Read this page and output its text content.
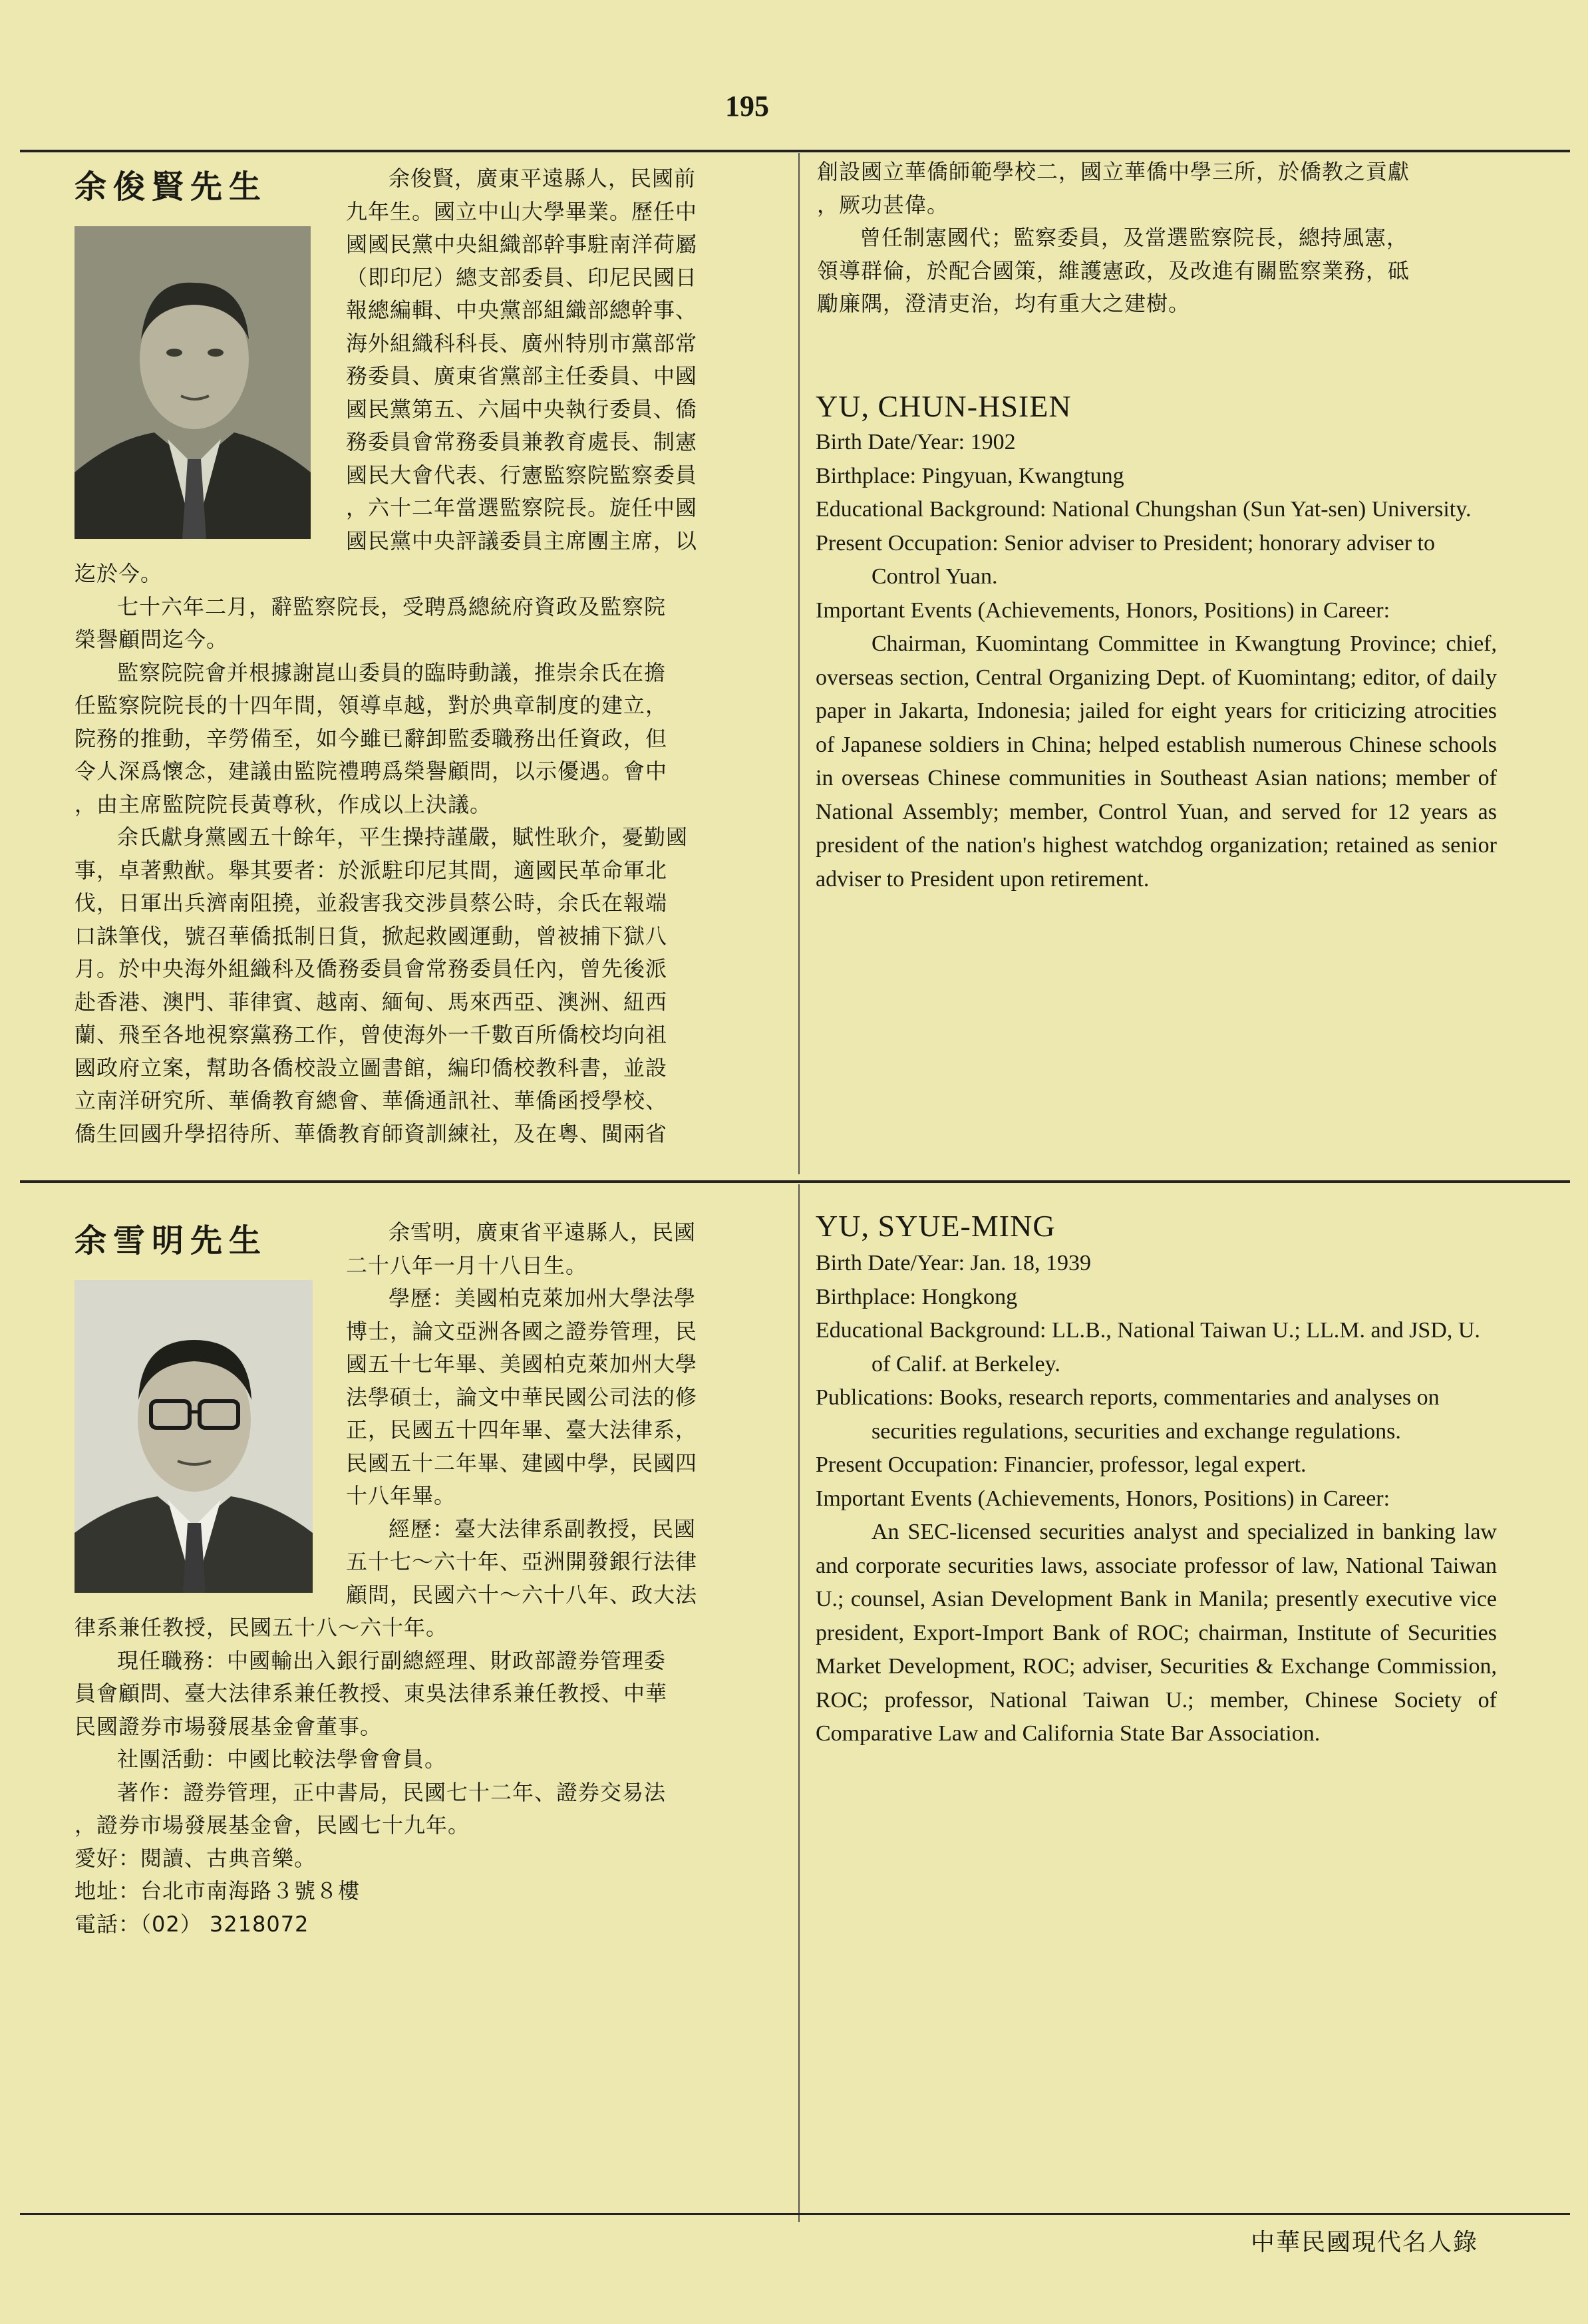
195
余俊賢先生	余俊賢，廣東平遠縣人，民國前

九年生。國立中山大學畢業。歷任中

國國民黨中央組織部幹事駐南洋荷屬

（即印尼）總支部委員、印尼民國日

報總編輯、中央黨部組織部總幹事、

海外組織科科長、廣州特別市黨部常

務委員、廣東省黨部主任委員、中國

國民黨第五、六屆中央執行委員、僑

務委員會常務委員兼教育處長、制憲

國民大會代表、行憲監察院監察委員

，六十二年當選監察院長。旋任中國

國民黨中央評議委員主席團主席，以

迄於今。

七十六年二月，辭監察院長，受聘爲總統府資政及監察院

榮譽顧問迄今。

監察院院會并根據謝崑山委員的臨時動議，推崇余氏在擔

任監察院院長的十四年間，領導卓越，對於典章制度的建立，

院務的推動，辛勞備至，如今雖已辭卸監委職務出任資政，但

令人深爲懷念，建議由監院禮聘爲榮譽顧問，以示優遇。會中

，由主席監院院長黃尊秋，作成以上決議。

余氏獻身黨國五十餘年，平生操持謹嚴，賦性耿介，憂勤國

事，卓著勲猷。舉其要者：於派駐印尼其間，適國民革命軍北

伐，日軍出兵濟南阻撓，並殺害我交涉員蔡公時，余氏在報端

口誅筆伐，號召華僑抵制日貨，掀起救國運動，曾被捕下獄八

月。於中央海外組織科及僑務委員會常務委員任內，曾先後派

赴香港、澳門、菲律賓、越南、緬甸、馬來西亞、澳洲、紐西

蘭、飛至各地視察黨務工作，曾使海外一千數百所僑校均向祖

國政府立案，幫助各僑校設立圖書館，編印僑校教科書，並設

立南洋研究所、華僑教育總會、華僑通訊社、華僑函授學校、

僑生回國升學招待所、華僑教育師資訓練社，及在粵、閩兩省

創設國立華僑師範學校二，國立華僑中學三所，於僑教之貢獻

，厥功甚偉。

曾任制憲國代；監察委員，及當選監察院長，總持風憲，

領導群倫，於配合國策，維護憲政，及改進有關監察業務，砥

勵廉隅，澄清吏治，均有重大之建樹。

YU, CHUN-HSIEN

Birth Date/Year: 1902

Birthplace: Pingyuan, Kwangtung

Educational Background: National Chungshan (Sun Yat-sen) University.

Present Occupation: Senior adviser to President; honorary adviser to Control Yuan.

Important Events (Achievements, Honors, Positions) in Career:

Chairman, Kuomintang Committee in Kwangtung Province; chief, overseas section, Central Organizing Dept. of Kuomintang; editor, of daily paper in Jakarta, Indonesia; jailed for eight years for criticizing atrocities of Japanese soldiers in China; helped establish numerous Chinese schools in overseas Chinese communities in Southeast Asian nations; member of National Assembly; member, Control Yuan, and served for 12 years as president of the nation's highest watchdog organization; retained as senior adviser to President upon retirement.

余雪明先生	余雪明，廣東省平遠縣人，民國

二十八年一月十八日生。

學歷：美國柏克萊加州大學法學

博士，論文亞洲各國之證券管理，民

國五十七年畢、美國柏克萊加州大學

法學碩士，論文中華民國公司法的修

正，民國五十四年畢、臺大法律系，

民國五十二年畢、建國中學，民國四

十八年畢。

經歷：臺大法律系副教授，民國

五十七～六十年、亞洲開發銀行法律

顧問，民國六十～六十八年、政大法

律系兼任教授，民國五十八～六十年。

現任職務：中國輸出入銀行副總經理、財政部證券管理委

員會顧問、臺大法律系兼任教授、東吳法律系兼任教授、中華

民國證券市場發展基金會董事。

社團活動：中國比較法學會會員。

著作：證券管理，正中書局，民國七十二年、證券交易法

，證券市場發展基金會，民國七十九年。

愛好：閱讀、古典音樂。

地址：台北市南海路３號８樓

電話：（02） 3218072

YU, SYUE-MING

Birth Date/Year: Jan. 18, 1939

Birthplace: Hongkong

Educational Background: LL.B., National Taiwan U.; LL.M. and JSD, U. of Calif. at Berkeley.

Publications: Books, research reports, commentaries and analyses on securities regulations, securities and exchange regulations.

Present Occupation: Financier, professor, legal expert.

Important Events (Achievements, Honors, Positions) in Career:

An SEC-licensed securities analyst and specialized in banking law and corporate securities laws, associate professor of law, National Taiwan U.; counsel, Asian Development Bank in Manila; presently executive vice president, Export-Import Bank of ROC; chairman, Institute of Securities Market Development, ROC; adviser, Securities & Exchange Commission, ROC; professor, National Taiwan U.; member, Chinese Society of Comparative Law and California State Bar Association.

中華民國現代名人錄
